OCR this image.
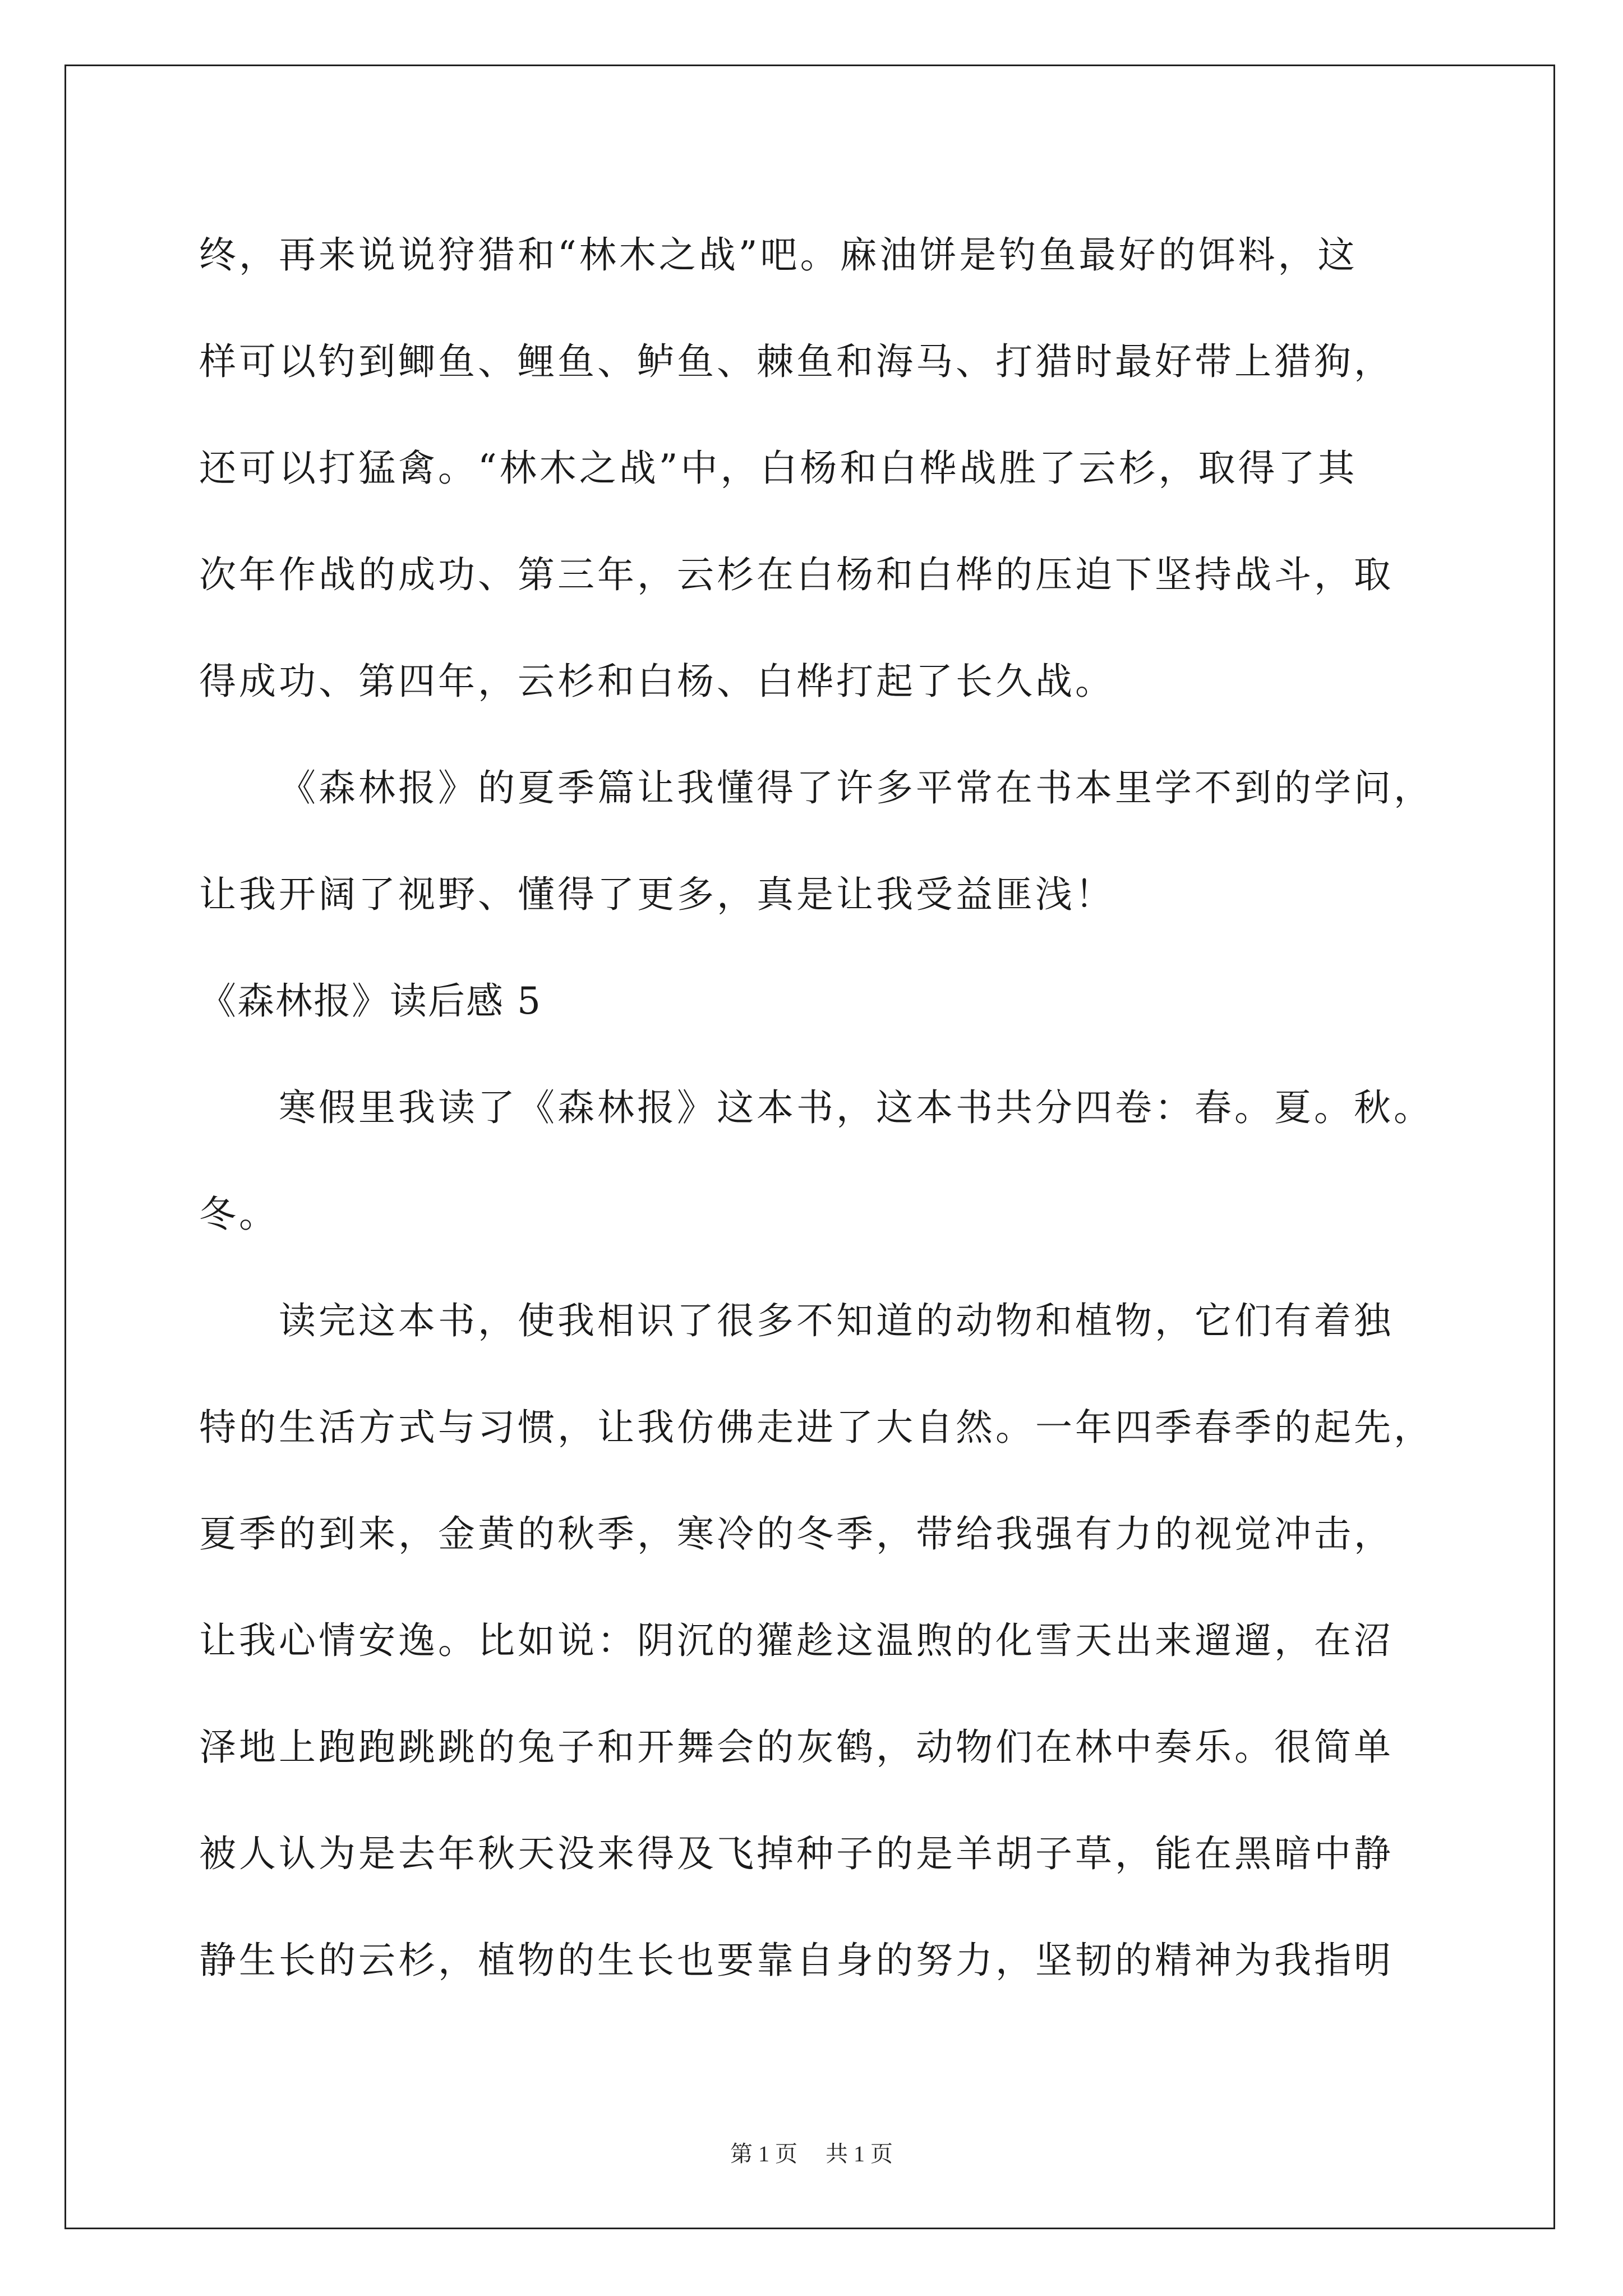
终，再来说说狩猎和“林木之战”吧。麻油饼是钓鱼最好的饵料，这
样可以钓到鲫鱼、鲤鱼、鲈鱼、棘鱼和海马、打猎时最好带上猎狗，
还可以打猛禽。“林木之战”中，白杨和白桦战胜了云杉，取得了其
次年作战的成功、第三年，云杉在白杨和白桦的压迫下坚持战斗，取
得成功、第四年，云杉和白杨、白桦打起了长久战。
《森林报》的夏季篇让我懂得了许多平常在书本里学不到的学问，
让我开阔了视野、懂得了更多，真是让我受益匪浅！
《森林报》读后感 5
寒假里我读了《森林报》这本书，这本书共分四卷：春。夏。秋。
冬。
读完这本书，使我相识了很多不知道的动物和植物，它们有着独
特的生活方式与习惯，让我仿佛走进了大自然。一年四季春季的起先，
夏季的到来，金黄的秋季，寒冷的冬季，带给我强有力的视觉冲击，
让我心情安逸。比如说：阴沉的獾趁这温煦的化雪天出来遛遛，在沼
泽地上跑跑跳跳的兔子和开舞会的灰鹤，动物们在林中奏乐。很简单
被人认为是去年秋天没来得及飞掉种子的是羊胡子草，能在黑暗中静
静生长的云杉，植物的生长也要靠自身的努力，坚韧的精神为我指明
第 1 页 共 1 页
